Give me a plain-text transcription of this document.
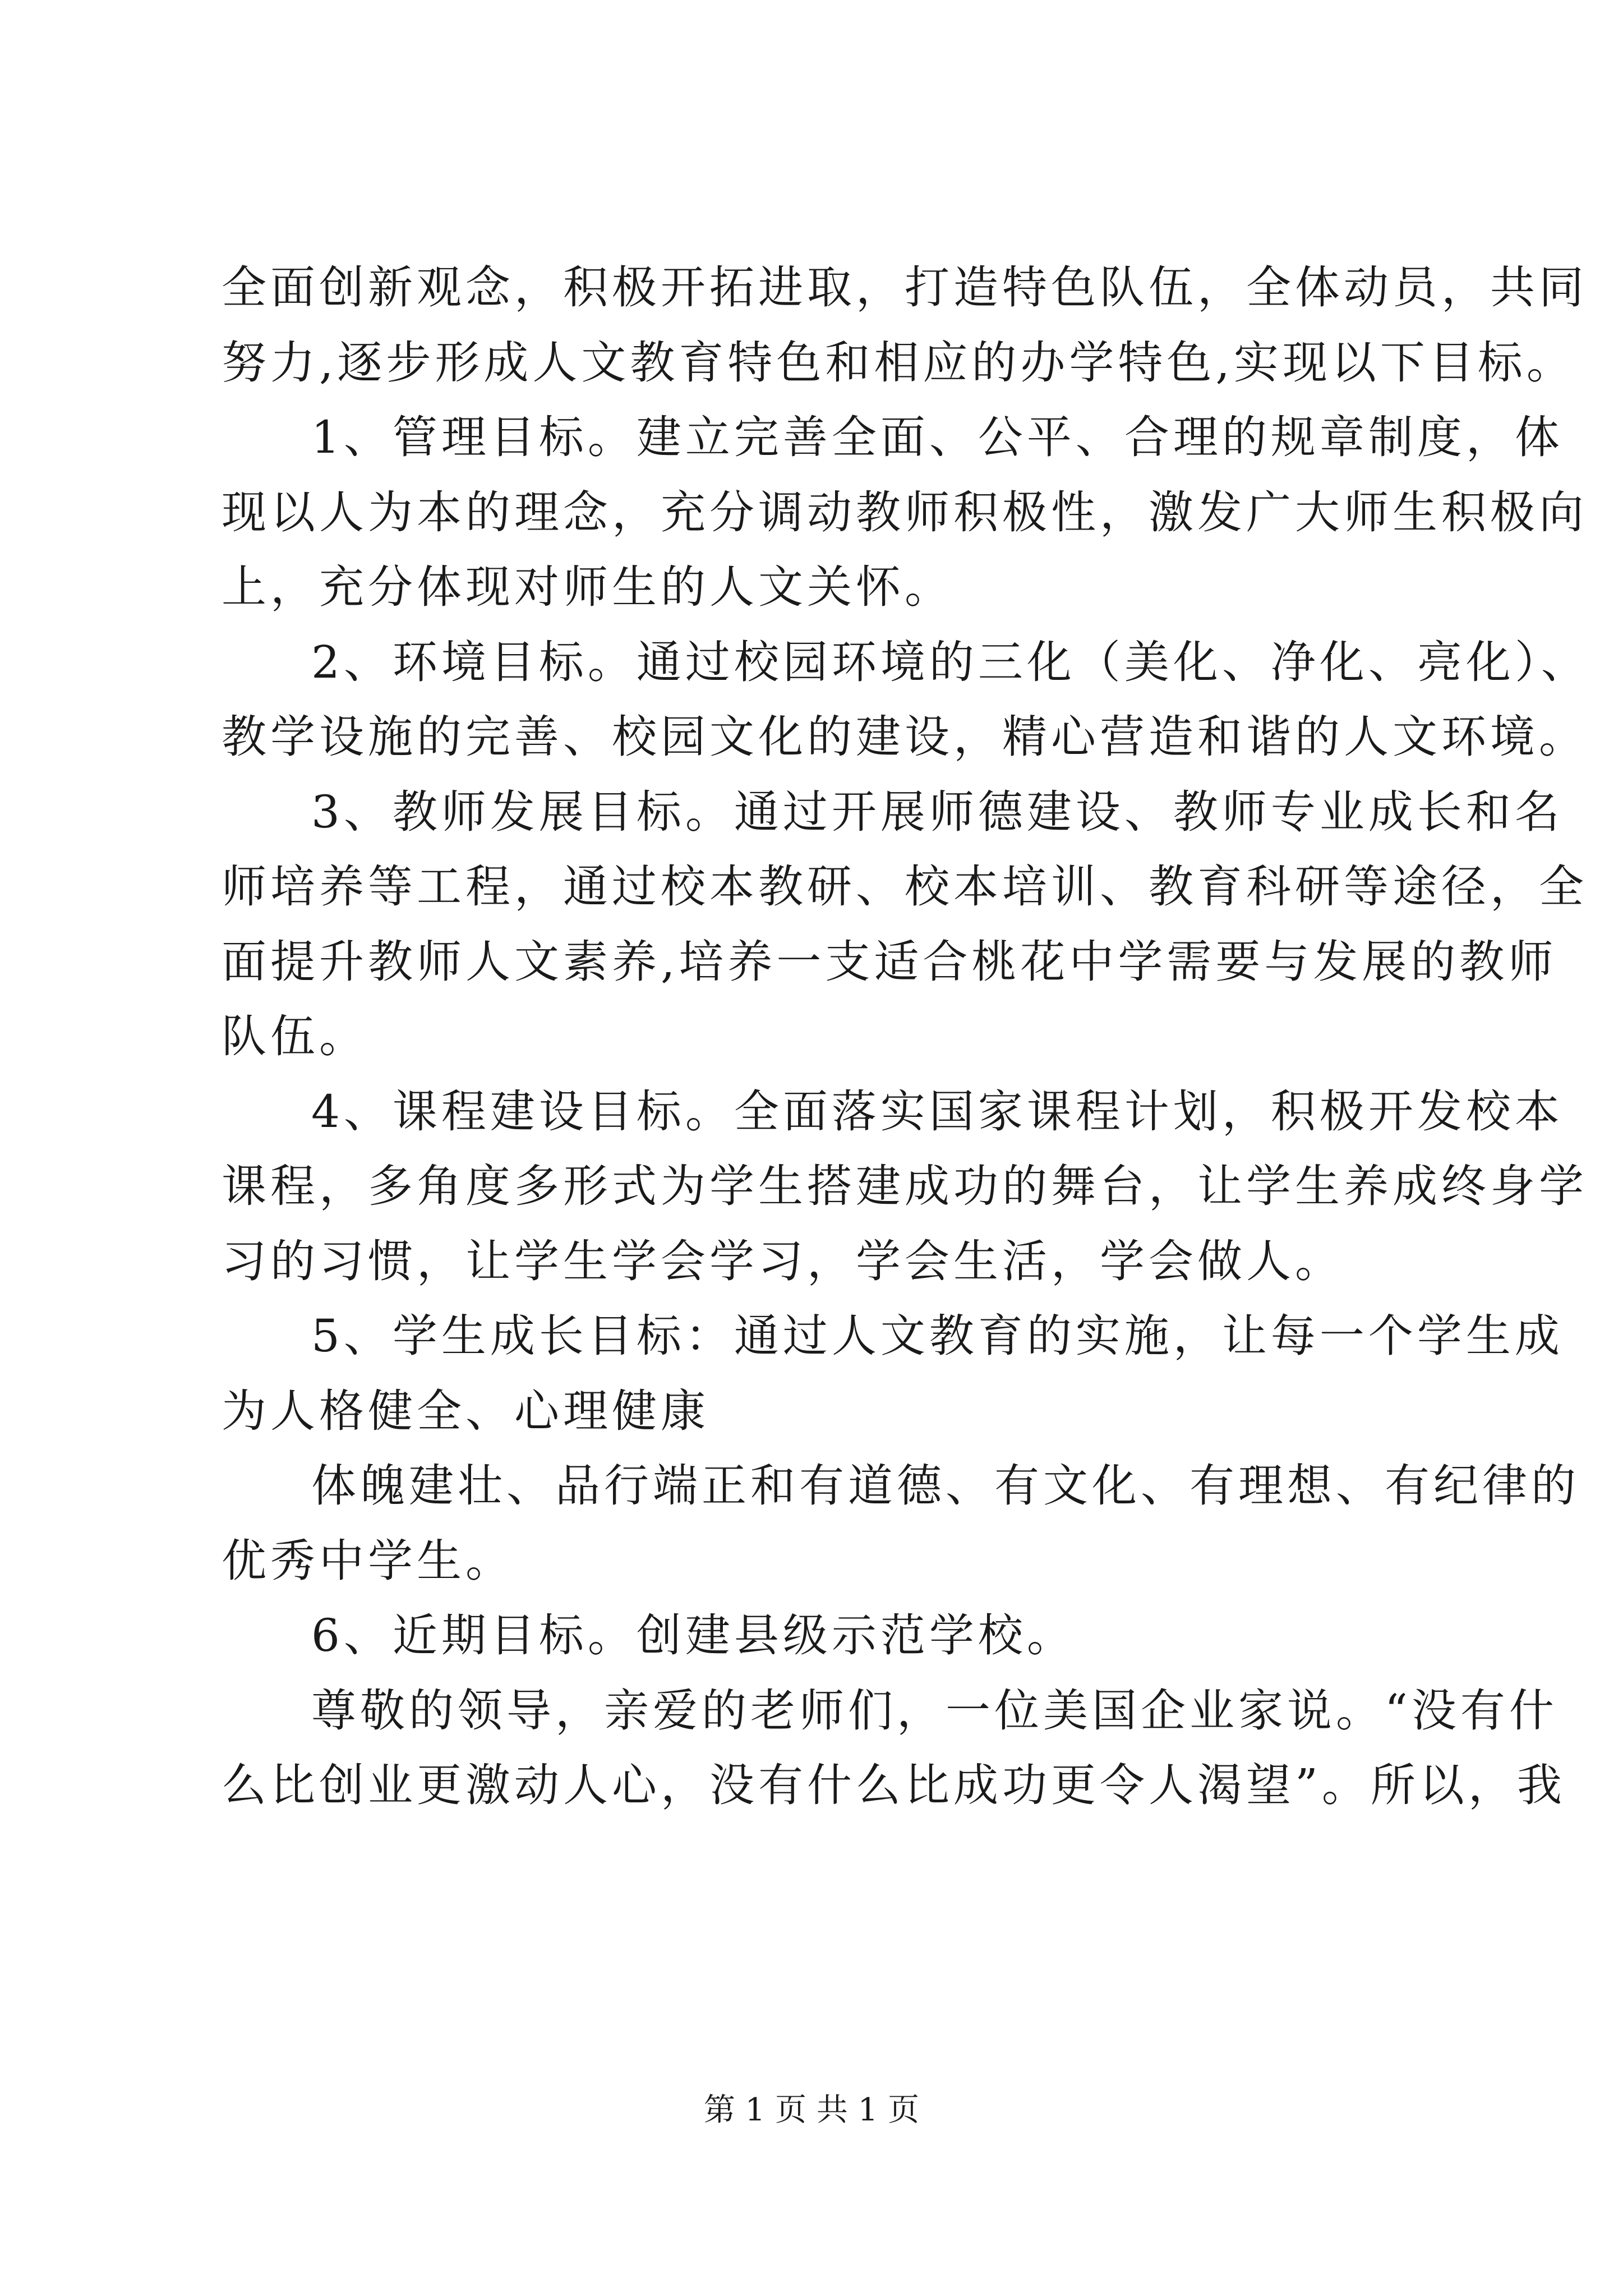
全面创新观念，积极开拓进取，打造特色队伍，全体动员，共同
努力,逐步形成人文教育特色和相应的办学特色,实现以下目标。
1、管理目标。建立完善全面、公平、合理的规章制度，体
现以人为本的理念，充分调动教师积极性，激发广大师生积极向
上，充分体现对师生的人文关怀。
2、环境目标。通过校园环境的三化（美化、净化、亮化）、
教学设施的完善、校园文化的建设，精心营造和谐的人文环境。
3、教师发展目标。通过开展师德建设、教师专业成长和名
师培养等工程，通过校本教研、校本培训、教育科研等途径，全
面提升教师人文素养,培养一支适合桃花中学需要与发展的教师
队伍。
4、课程建设目标。全面落实国家课程计划，积极开发校本
课程，多角度多形式为学生搭建成功的舞台，让学生养成终身学
习的习惯，让学生学会学习，学会生活，学会做人。
5、学生成长目标：通过人文教育的实施，让每一个学生成
为人格健全、心理健康
体魄建壮、品行端正和有道德、有文化、有理想、有纪律的
优秀中学生。
6、近期目标。创建县级示范学校。
尊敬的领导，亲爱的老师们，一位美国企业家说。“没有什
么比创业更激动人心，没有什么比成功更令人渴望”。所以，我
第 1 页 共 1 页
